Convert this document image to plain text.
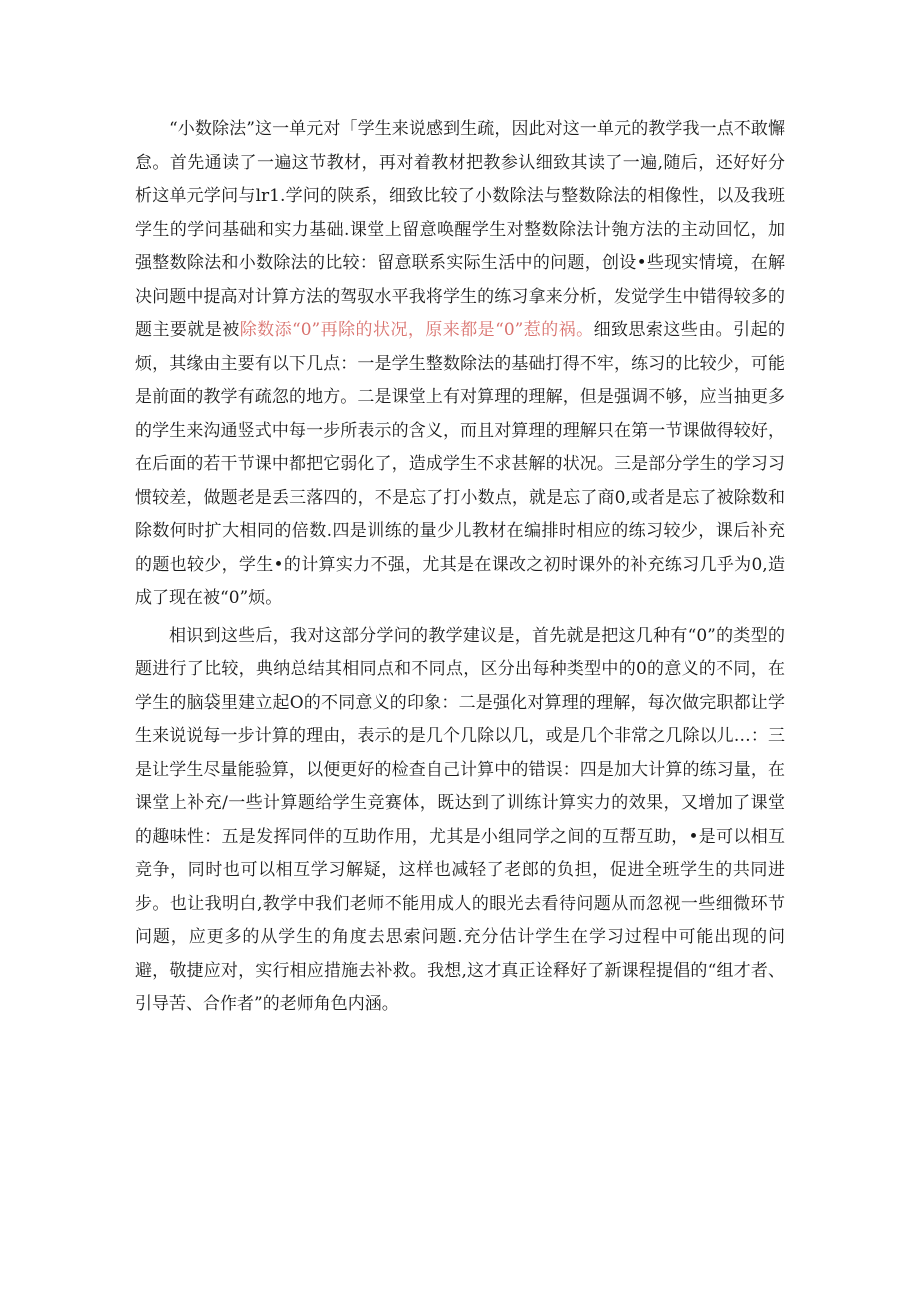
“小数除法”这一单元对「学生来说感到生疏，因此对这一单元的教学我一点不敢懈怠。首先通读了一遍这节教材，再对着教材把教参认细致其读了一遍,随后，还好好分析这单元学问与lr1.学问的陕系，细致比较了小数除法与整数除法的相像性，以及我班学生的学问基础和实力基础.课堂上留意唤醒学生对整数除法计匏方法的主动回忆，加强整数除法和小数除法的比较：留意联系实际生活中的问题，创设•些现实情境，在解决问题中提高对计算方法的驾驭水平我将学生的练习拿来分析，发觉学生中错得较多的题主要就是被除数添“0”再除的状况，原来都是“0”惹的祸。细致思索这些由。引起的烦，其缘由主要有以下几点：一是学生整数除法的基础打得不牢，练习的比较少，可能是前面的教学有疏忽的地方。二是课堂上有对算理的理解，但是强调不够，应当抽更多的学生来沟通竖式中每一步所表示的含义，而且对算理的理解只在第一节课做得较好，在后面的若干节课中都把它弱化了，造成学生不求甚解的状况。三是部分学生的学习习惯较差，做题老是丢三落四的，不是忘了打小数点，就是忘了商0,或者是忘了被除数和除数何时扩大相同的倍数.四是训练的量少儿教材在编排时相应的练习较少，课后补充的题也较少，学生•的计算实力不强，尤其是在课改之初时课外的补充练习几乎为0,造成了现在被“0”烦。

相识到这些后，我对这部分学问的教学建议是，首先就是把这几种有“0”的类型的题进行了比较，典纳总结其相同点和不同点，区分出每种类型中的0的意义的不同，在学生的脑袋里建立起O的不同意义的印象：二是强化对算理的理解，每次做完职都让学生来说说每一步计算的理由，表示的是几个几除以几，或是几个非常之几除以儿…：三是让学生尽量能验算，以便更好的检查自己计算中的错误：四是加大计算的练习量，在课堂上补充/一些计算题给学生竞赛体，既达到了训练计算实力的效果，又增加了课堂的趣味性：五是发挥同伴的互助作用，尤其是小组同学之间的互帮互助，•是可以相互竞争，同时也可以相互学习解疑，这样也减轻了老郎的负担，促进全班学生的共同进步。也让我明白,教学中我们老师不能用成人的眼光去看待问题从而忽视一些细微环节问题，应更多的从学生的角度去思索问题.充分估计学生在学习过程中可能出现的问避，敬捷应对，实行相应措施去补救。我想,这才真正诠释好了新课程提倡的“组才者、引导苦、合作者”的老师角色内涵。
